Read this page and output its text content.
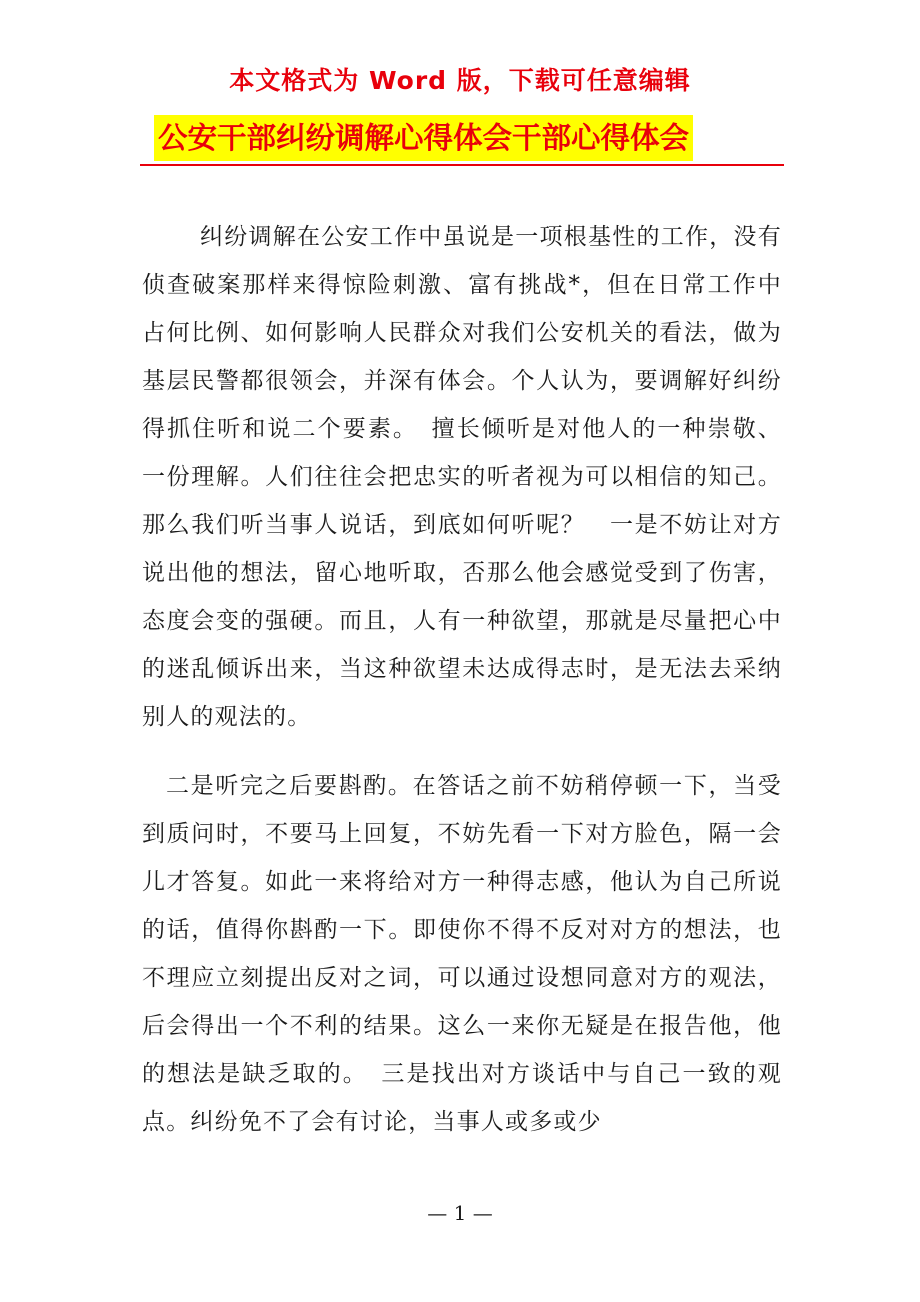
本文格式为 Word 版，下载可任意编辑
公安干部纠纷调解心得体会干部心得体会

纠纷调解在公安工作中虽说是一项根基性的工作，没有侦查破案那样来得惊险刺激、富有挑战*，但在日常工作中占何比例、如何影响人民群众对我们公安机关的看法，做为基层民警都很领会，并深有体会。个人认为，要调解好纠纷得抓住听和说二个要素。　擅长倾听是对他人的一种崇敬、一份理解。人们往往会把忠实的听者视为可以相信的知己。那么我们听当事人说话，到底如何听呢？　一是不妨让对方说出他的想法，留心地听取，否那么他会感觉受到了伤害，态度会变的强硬。而且，人有一种欲望，那就是尽量把心中的迷乱倾诉出来，当这种欲望未达成得志时，是无法去采纳别人的观法的。

二是听完之后要斟酌。在答话之前不妨稍停顿一下，当受到质问时，不要马上回复，不妨先看一下对方脸色，隔一会儿才答复。如此一来将给对方一种得志感，他认为自己所说的话，值得你斟酌一下。即使你不得不反对对方的想法，也不理应立刻提出反对之词，可以通过设想同意对方的观法，后会得出一个不利的结果。这么一来你无疑是在报告他，他的想法是缺乏取的。　三是找出对方谈话中与自己一致的观点。纠纷免不了会有讨论，当事人或多或少

— 1 —
